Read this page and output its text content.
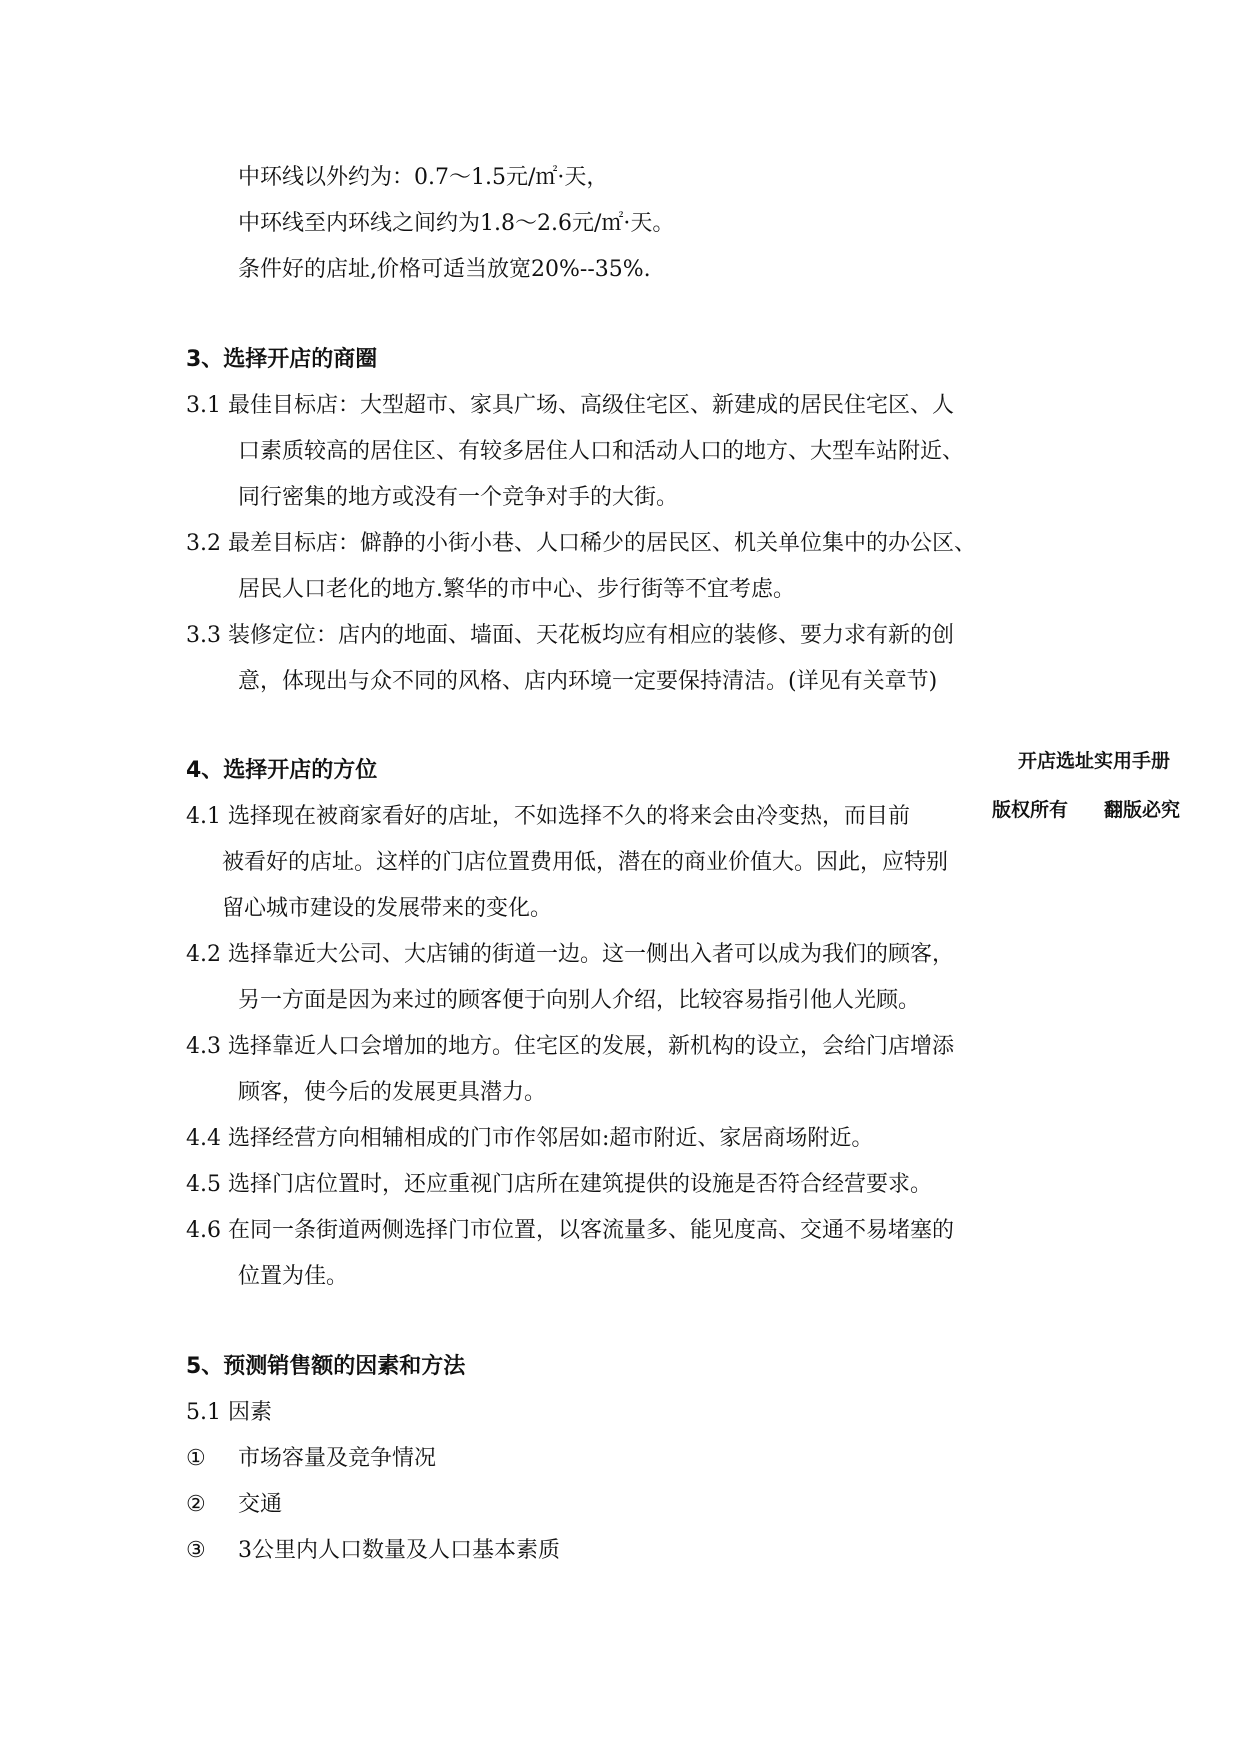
中环线以外约为：0.7～1.5元/㎡·天，
中环线至内环线之间约为1.8～2.6元/㎡·天。
条件好的店址,价格可适当放宽20%--35%.
3、选择开店的商圈
3.1 最佳目标店：大型超市、家具广场、高级住宅区、新建成的居民住宅区、人
口素质较高的居住区、有较多居住人口和活动人口的地方、大型车站附近、
同行密集的地方或没有一个竞争对手的大街。
3.2 最差目标店：僻静的小街小巷、人口稀少的居民区、机关单位集中的办公区、
居民人口老化的地方.繁华的市中心、步行街等不宜考虑。
3.3 装修定位：店内的地面、墙面、天花板均应有相应的装修、要力求有新的创
意，体现出与众不同的风格、店内环境一定要保持清洁。(详见有关章节)
4、选择开店的方位
4.1 选择现在被商家看好的店址，不如选择不久的将来会由冷变热，而目前
被看好的店址。这样的门店位置费用低，潜在的商业价值大。因此，应特别
留心城市建设的发展带来的变化。
4.2 选择靠近大公司、大店铺的街道一边。这一侧出入者可以成为我们的顾客，
另一方面是因为来过的顾客便于向别人介绍，比较容易指引他人光顾。
4.3 选择靠近人口会增加的地方。住宅区的发展，新机构的设立，会给门店增添
顾客，使今后的发展更具潜力。
4.4 选择经营方向相辅相成的门市作邻居如:超市附近、家居商场附近。
4.5 选择门店位置时，还应重视门店所在建筑提供的设施是否符合经营要求。
4.6 在同一条街道两侧选择门市位置，以客流量多、能见度高、交通不易堵塞的
位置为佳。
5、预测销售额的因素和方法
5.1 因素
① 市场容量及竞争情况
② 交通
③ 3公里内人口数量及人口基本素质
开店选址实用手册
版权所有	翻版必究
